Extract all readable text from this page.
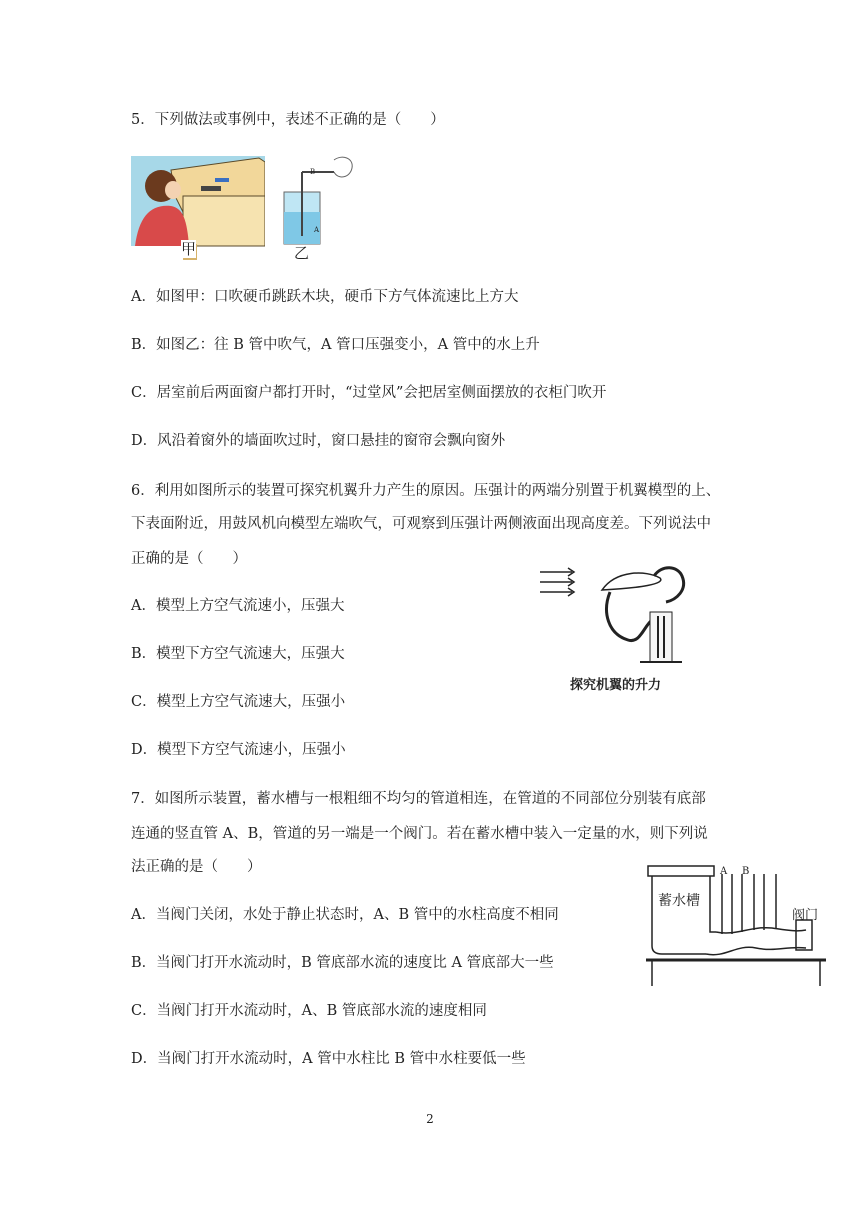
5．下列做法或事例中，表述不正确的是（　　）
甲
B
A
乙
A．如图甲：口吹硬币跳跃木块，硬币下方气体流速比上方大
B．如图乙：往 B 管中吹气，A 管口压强变小，A 管中的水上升
C．居室前后两面窗户都打开时，“过堂风”会把居室侧面摆放的衣柜门吹开
D．风沿着窗外的墙面吹过时，窗口悬挂的窗帘会飘向窗外
6．利用如图所示的装置可探究机翼升力产生的原因。压强计的两端分别置于机翼模型的上、
下表面附近，用鼓风机向模型左端吹气，可观察到压强计两侧液面出现高度差。下列说法中
正确的是（　　）
A．模型上方空气流速小，压强大
B．模型下方空气流速大，压强大
C．模型上方空气流速大，压强小
D．模型下方空气流速小，压强小
探究机翼的升力
7．如图所示装置，蓄水槽与一根粗细不均匀的管道相连，在管道的不同部位分别装有底部
连通的竖直管 A、B，管道的另一端是一个阀门。若在蓄水槽中装入一定量的水，则下列说
法正确的是（　　）
A．当阀门关闭，水处于静止状态时，A、B 管中的水柱高度不相同
B．当阀门打开水流动时，B 管底部水流的速度比 A 管底部大一些
C．当阀门打开水流动时，A、B 管底部水流的速度相同
D．当阀门打开水流动时，A 管中水柱比 B 管中水柱要低一些
蓄水槽
A B
阀门
2
